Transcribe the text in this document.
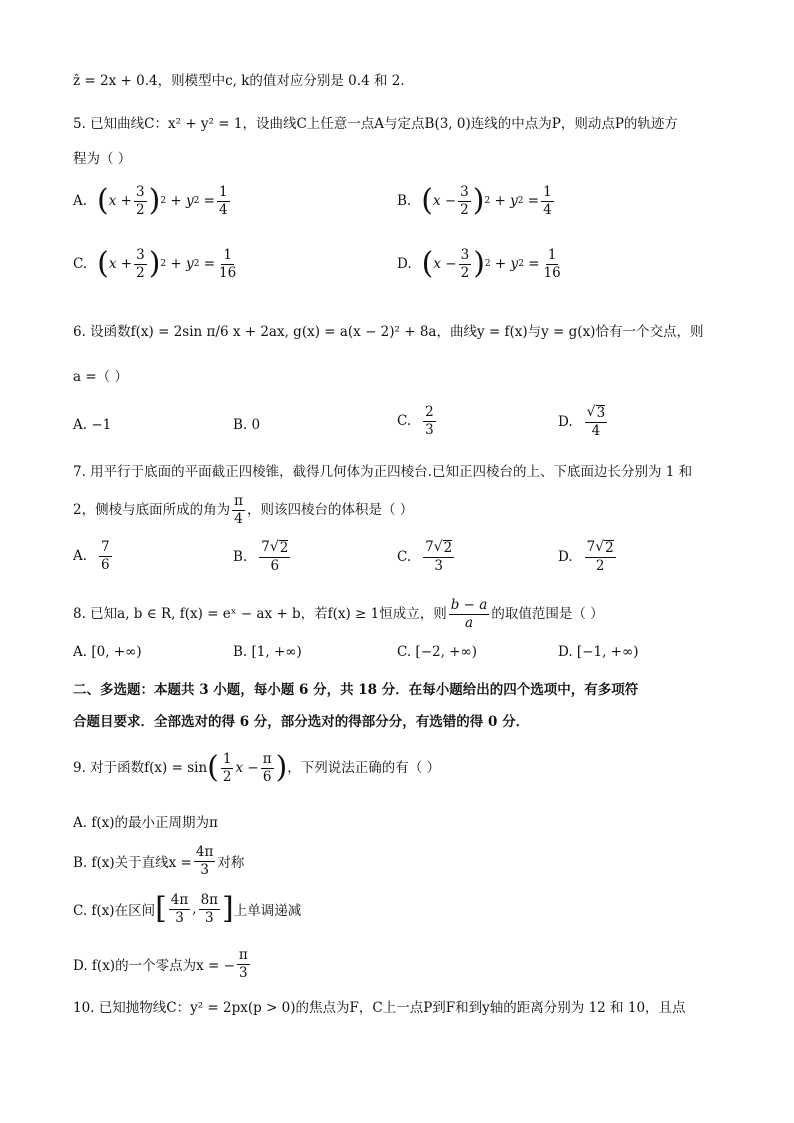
ẑ = 2x + 0.4，则模型中c, k的值对应分别是 0.4 和 2．
5. 已知曲线C：x² + y² = 1，设曲线C上任意一点A与定点B(3, 0)连线的中点为P，则动点P的轨迹方
程为（ ）
A. ( $x + \frac{3}{2}$ ) 2 + y $2 = \frac{1}{4}$	B. ( $x - \frac{3}{2}$ ) 2 + y $2 = \frac{1}{4}$
C. ( $x + \frac{3}{2}$ ) 2 + y $2 = \frac{1}{16}$	D. ( $x - \frac{3}{2}$ ) 2 + y $2 = \frac{1}{16}$
6. 设函数f(x) = 2sin π/6 x + 2ax, g(x) = a(x − 2)² + 8a，曲线y = f(x)与y = g(x)恰有一个交点，则
a =（ ）
A. −1	B. 0	C. $\frac{2}{3}$	D. $\frac{√ 3}{4}$
7. 用平行于底面的平面截正四棱锥，截得几何体为正四棱台.已知正四棱台的上、下底面边长分别为 1 和
2，侧棱与底面所成的角为 $\frac{\pi}{4}$ ，则该四棱台的体积是（ ）
A. $\frac{7}{6}$	B. $\frac{7 √ 2}{6}$	C. $\frac{7 √ 2}{3}$	D. $\frac{7 √ 2}{2}$
8. 已知a, b ∈ R, f(x) = eˣ − ax + b，若f(x) ≥ 1恒成立，则 $\frac{b - a}{a}$ 的取值范围是（ ）
A. [0, +∞)	B. [1, +∞)	C. [−2, +∞)	D. [−1, +∞)
二、多选题：本题共 3 小题，每小题 6 分，共 18 分．在每小题给出的四个选项中，有多项符
合题目要求．全部选对的得 6 分，部分选对的得部分分，有选错的得 0 分．
9. 对于函数f(x) = sin ( $\frac{1}{2}$ $x - \frac{\pi}{6}$ ) ，下列说法正确的有（ ）
A. f(x)的最小正周期为π
B. f(x)关于直线$x = \frac{4\pi}{3}$ 对称
C. f(x)在区间 [ $\frac{4\pi}{3}$ , $\frac{8\pi}{3}$ ] 上单调递减
D. f(x)的一个零点为x = − $\frac{\pi}{3}$
10. 已知抛物线C：y² = 2px(p > 0)的焦点为F，C上一点P到F和到y轴的距离分别为 12 和 10，且点
